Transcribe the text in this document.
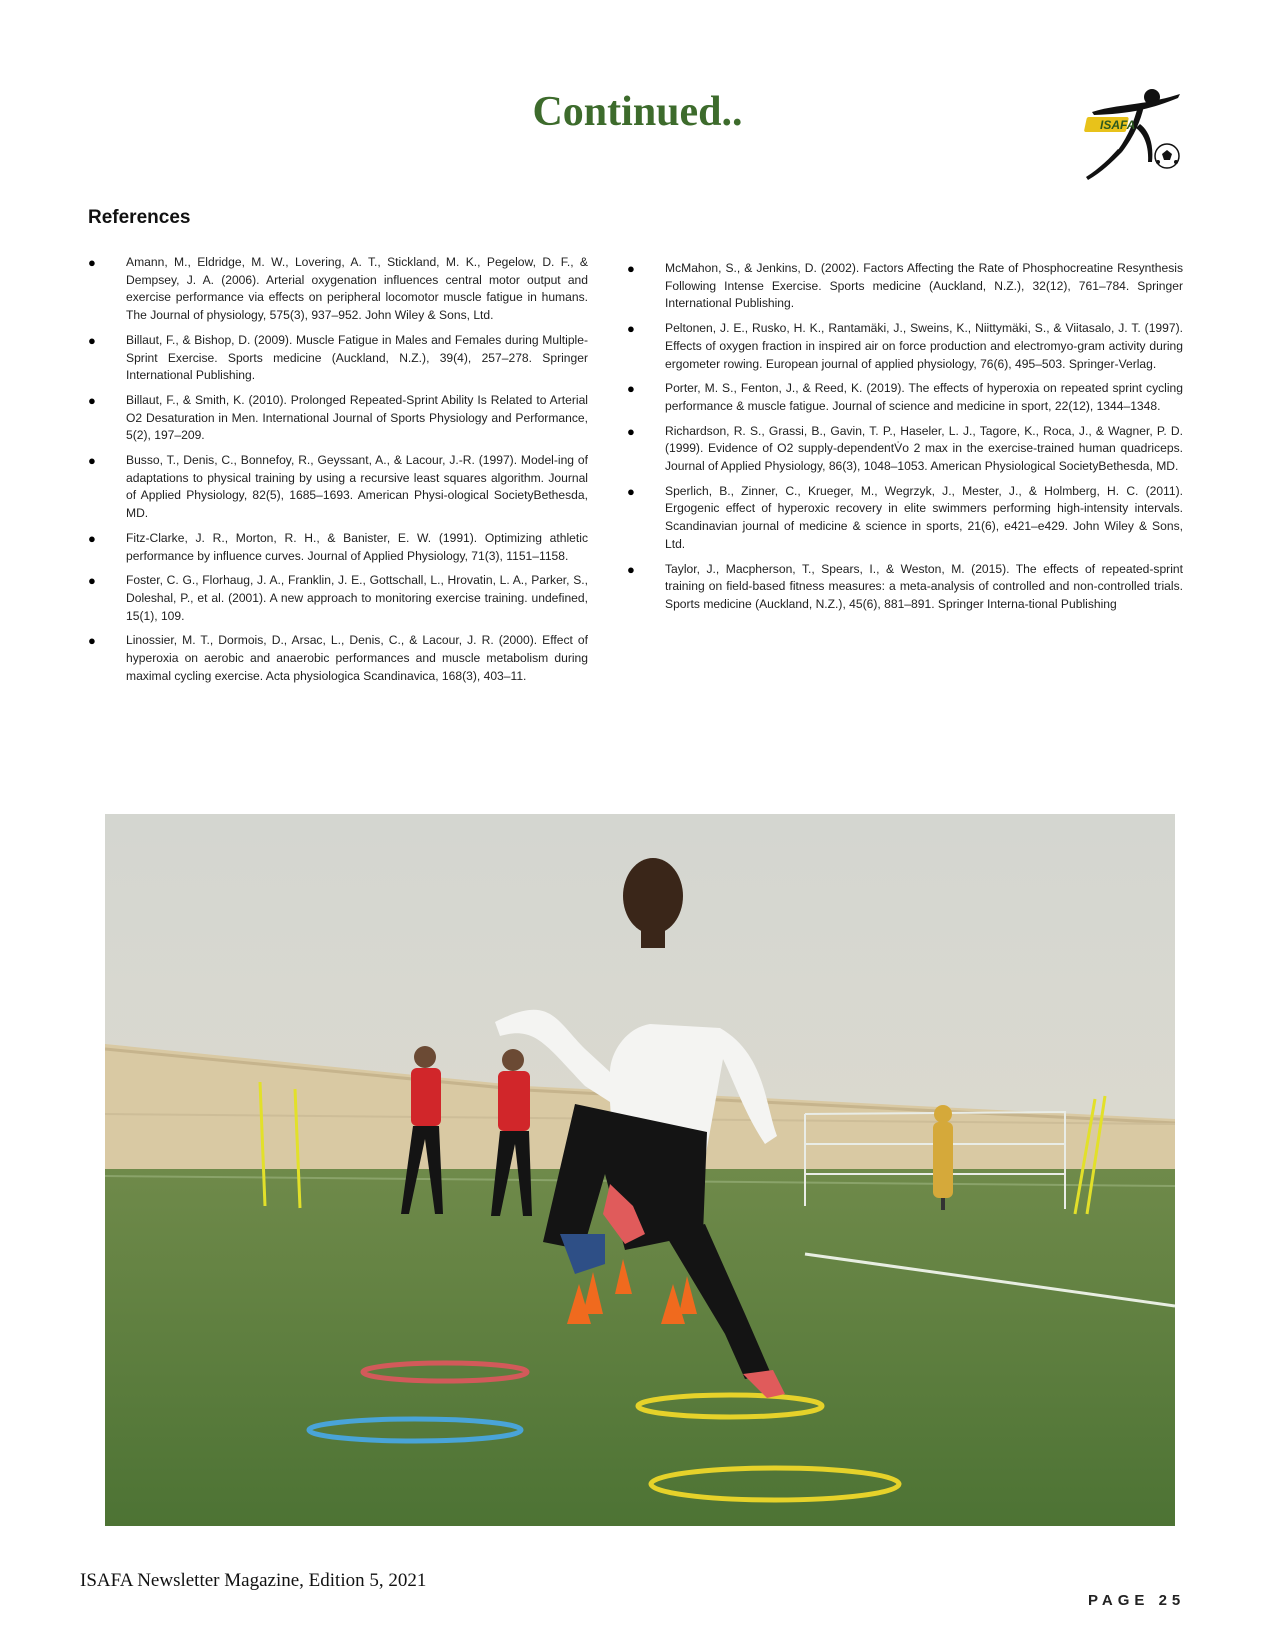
Continued..	ISAFA
References
● Amann, M., Eldridge, M. W., Lovering, A. T., Stickland, M. K., Pegelow, D. F., & Dempsey, J. A. (2006). Arterial oxygenation influences central motor output and exercise performance via effects on peripheral locomotor muscle fatigue in humans. The Journal of physiology, 575(3), 937–952. John Wiley & Sons, Ltd.
● Billaut, F., & Bishop, D. (2009). Muscle Fatigue in Males and Females during Multiple-Sprint Exercise. Sports medicine (Auckland, N.Z.), 39(4), 257–278. Springer International Publishing.
● Billaut, F., & Smith, K. (2010). Prolonged Repeated-Sprint Ability Is Related to Arterial O2 Desaturation in Men. International Journal of Sports Physiology and Performance, 5(2), 197–209.
● Busso, T., Denis, C., Bonnefoy, R., Geyssant, A., & Lacour, J.-R. (1997). Model-ing of adaptations to physical training by using a recursive least squares algorithm. Journal of Applied Physiology, 82(5), 1685–1693. American Physi-ological SocietyBethesda, MD.
● Fitz-Clarke, J. R., Morton, R. H., & Banister, E. W. (1991). Optimizing athletic performance by influence curves. Journal of Applied Physiology, 71(3), 1151–1158.
● Foster, C. G., Florhaug, J. A., Franklin, J. E., Gottschall, L., Hrovatin, L. A., Parker, S., Doleshal, P., et al. (2001). A new approach to monitoring exercise training. undefined, 15(1), 109.
● Linossier, M. T., Dormois, D., Arsac, L., Denis, C., & Lacour, J. R. (2000). Effect of hyperoxia on aerobic and anaerobic performances and muscle metabolism during maximal cycling exercise. Acta physiologica Scandinavica, 168(3), 403–11.
● McMahon, S., & Jenkins, D. (2002). Factors Affecting the Rate of Phosphocreatine Resynthesis Following Intense Exercise. Sports medicine (Auckland, N.Z.), 32(12), 761–784. Springer International Publishing.
● Peltonen, J. E., Rusko, H. K., Rantamäki, J., Sweins, K., Niittymäki, S., & Viitasalo, J. T. (1997). Effects of oxygen fraction in inspired air on force production and electromyo-gram activity during ergometer rowing. European journal of applied physiology, 76(6), 495–503. Springer-Verlag.
● Porter, M. S., Fenton, J., & Reed, K. (2019). The effects of hyperoxia on repeated sprint cycling performance & muscle fatigue. Journal of science and medicine in sport, 22(12), 1344–1348.
● Richardson, R. S., Grassi, B., Gavin, T. P., Haseler, L. J., Tagore, K., Roca, J., & Wagner, P. D. (1999). Evidence of O2 supply-dependentV̇o 2 max in the exercise-trained human quadriceps. Journal of Applied Physiology, 86(3), 1048–1053. American Physiological SocietyBethesda, MD.
● Sperlich, B., Zinner, C., Krueger, M., Wegrzyk, J., Mester, J., & Holmberg, H. C. (2011). Ergogenic effect of hyperoxic recovery in elite swimmers performing high-intensity intervals. Scandinavian journal of medicine & science in sports, 21(6), e421–e429. John Wiley & Sons, Ltd.
● Taylor, J., Macpherson, T., Spears, I., & Weston, M. (2015). The effects of repeated-sprint training on field-based fitness measures: a meta-analysis of controlled and non-controlled trials. Sports medicine (Auckland, N.Z.), 45(6), 881–891. Springer Interna-tional Publishing
ISAFA Newsletter Magazine, Edition 5, 2021
PAGE 25
